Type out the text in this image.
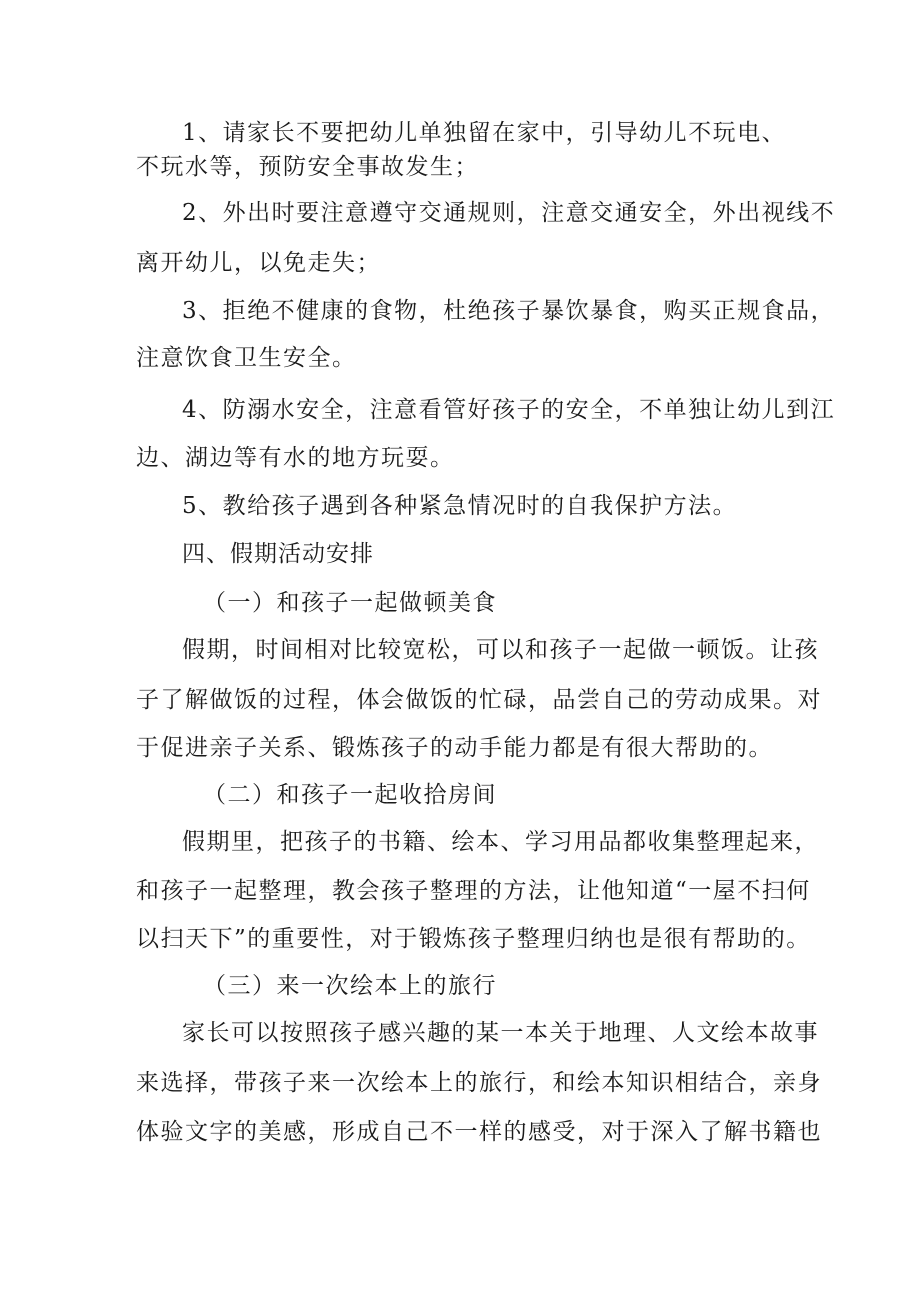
1、请家长不要把幼儿单独留在家中，引导幼儿不玩电、
不玩水等，预防安全事故发生；
2、外出时要注意遵守交通规则，注意交通安全，外出视线不
离开幼儿，以免走失；
3、拒绝不健康的食物，杜绝孩子暴饮暴食，购买正规食品，
注意饮食卫生安全。
4、防溺水安全，注意看管好孩子的安全，不单独让幼儿到江
边、湖边等有水的地方玩耍。
5、教给孩子遇到各种紧急情况时的自我保护方法。
四、假期活动安排
（一）和孩子一起做顿美食
假期，时间相对比较宽松，可以和孩子一起做一顿饭。让孩
子了解做饭的过程，体会做饭的忙碌，品尝自己的劳动成果。对
于促进亲子关系、锻炼孩子的动手能力都是有很大帮助的。
（二）和孩子一起收拾房间
假期里，把孩子的书籍、绘本、学习用品都收集整理起来，
和孩子一起整理，教会孩子整理的方法，让他知道“一屋不扫何
以扫天下”的重要性，对于锻炼孩子整理归纳也是很有帮助的。
（三）来一次绘本上的旅行
家长可以按照孩子感兴趣的某一本关于地理、人文绘本故事
来选择，带孩子来一次绘本上的旅行，和绘本知识相结合，亲身
体验文字的美感，形成自己不一样的感受，对于深入了解书籍也
